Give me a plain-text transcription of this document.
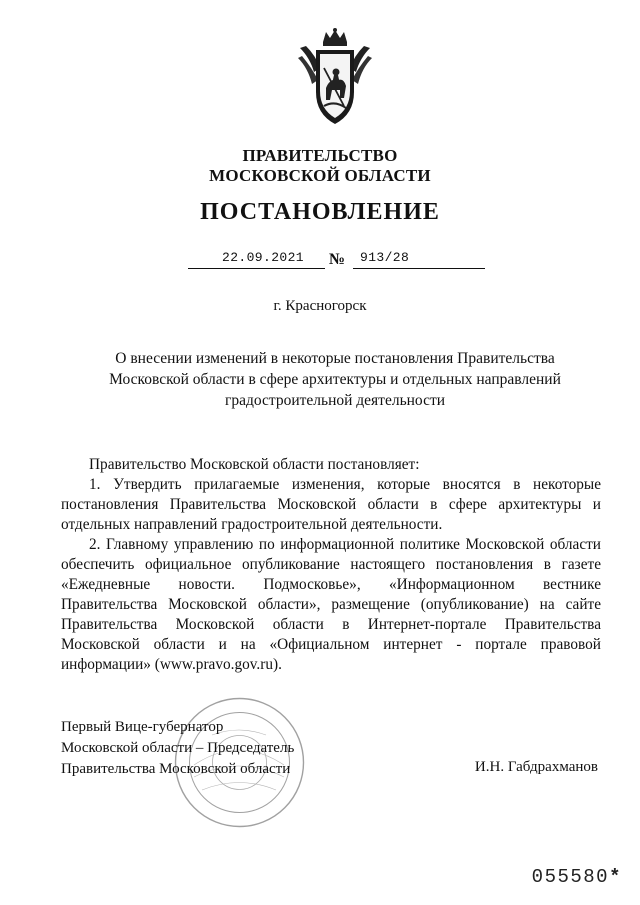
ПРАВИТЕЛЬСТВО
МОСКОВСКОЙ ОБЛАСТИ
ПОСТАНОВЛЕНИЕ
22.09.2021 № 913/28
г. Красногорск
О внесении изменений в некоторые постановления Правительства Московской области в сфере архитектуры и отдельных направлений градостроительной деятельности

Правительство Московской области постановляет:

1. Утвердить прилагаемые изменения, которые вносятся в некоторые постановления Правительства Московской области в сфере архитектуры и отдельных направлений градостроительной деятельности.

2. Главному управлению по информационной политике Московской области обеспечить официальное опубликование настоящего постановления в газете «Ежедневные новости. Подмосковье», «Информационном вестнике Правительства Московской области», размещение (опубликование) на сайте Правительства Московской области в Интернет-портале Правительства Московской области и на «Официальном интернет - портале правовой информации» (www.pravo.gov.ru).

Первый Вице-губернатор
Московской области – Председатель
Правительства Московской области	И.Н. Габдрахманов
055580*
